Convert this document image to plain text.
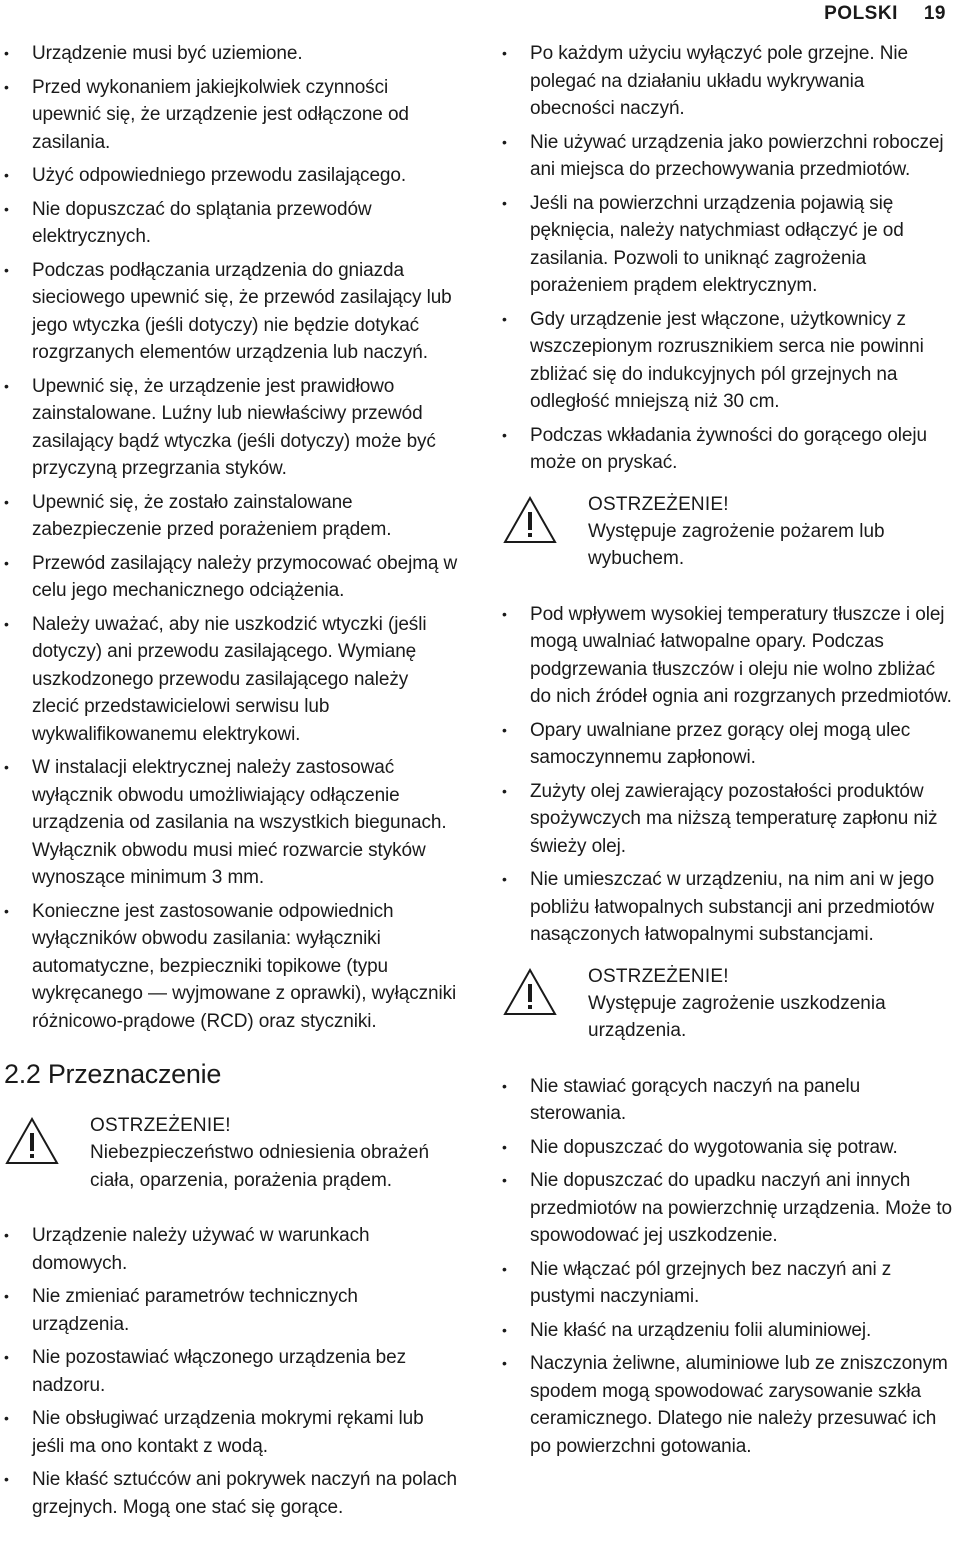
POLSKI 19
• Urządzenie musi być uziemione.
• Przed wykonaniem jakiejkolwiek czynności upewnić się, że urządzenie jest odłączone od zasilania.
• Użyć odpowiedniego przewodu zasilającego.
• Nie dopuszczać do splątania przewodów elektrycznych.
• Podczas podłączania urządzenia do gniazda sieciowego upewnić się, że przewód zasilający lub jego wtyczka (jeśli dotyczy) nie będzie dotykać rozgrzanych elementów urządzenia lub naczyń.
• Upewnić się, że urządzenie jest prawidłowo zainstalowane. Luźny lub niewłaściwy przewód zasilający bądź wtyczka (jeśli dotyczy) może być przyczyną przegrzania styków.
• Upewnić się, że zostało zainstalowane zabezpieczenie przed porażeniem prądem.
• Przewód zasilający należy przymocować obejmą w celu jego mechanicznego odciążenia.
• Należy uważać, aby nie uszkodzić wtyczki (jeśli dotyczy) ani przewodu zasilającego. Wymianę uszkodzonego przewodu zasilającego należy zlecić przedstawicielowi serwisu lub wykwalifikowanemu elektrykowi.
• W instalacji elektrycznej należy zastosować wyłącznik obwodu umożliwiający odłączenie urządzenia od zasilania na wszystkich biegunach. Wyłącznik obwodu musi mieć rozwarcie styków wynoszące minimum 3 mm.
• Konieczne jest zastosowanie odpowiednich wyłączników obwodu zasilania: wyłączniki automatyczne, bezpieczniki topikowe (typu wykręcanego — wyjmowane z oprawki), wyłączniki różnicowo-prądowe (RCD) oraz styczniki.
2.2 Przeznaczenie
OSTRZEŻENIE!
Niebezpieczeństwo odniesienia obrażeń ciała, oparzenia, porażenia prądem.
• Urządzenie należy używać w warunkach domowych.
• Nie zmieniać parametrów technicznych urządzenia.
• Nie pozostawiać włączonego urządzenia bez nadzoru.
• Nie obsługiwać urządzenia mokrymi rękami lub jeśli ma ono kontakt z wodą.
• Nie kłaść sztućców ani pokrywek naczyń na polach grzejnych. Mogą one stać się gorące.
• Po każdym użyciu wyłączyć pole grzejne. Nie polegać na działaniu układu wykrywania obecności naczyń.
• Nie używać urządzenia jako powierzchni roboczej ani miejsca do przechowywania przedmiotów.
• Jeśli na powierzchni urządzenia pojawią się pęknięcia, należy natychmiast odłączyć je od zasilania. Pozwoli to uniknąć zagrożenia porażeniem prądem elektrycznym.
• Gdy urządzenie jest włączone, użytkownicy z wszczepionym rozrusznikiem serca nie powinni zbliżać się do indukcyjnych pól grzejnych na odległość mniejszą niż 30 cm.
• Podczas wkładania żywności do gorącego oleju może on pryskać.
OSTRZEŻENIE!
Występuje zagrożenie pożarem lub wybuchem.
• Pod wpływem wysokiej temperatury tłuszcze i olej mogą uwalniać łatwopalne opary. Podczas podgrzewania tłuszczów i oleju nie wolno zbliżać do nich źródeł ognia ani rozgrzanych przedmiotów.
• Opary uwalniane przez gorący olej mogą ulec samoczynnemu zapłonowi.
• Zużyty olej zawierający pozostałości produktów spożywczych ma niższą temperaturę zapłonu niż świeży olej.
• Nie umieszczać w urządzeniu, na nim ani w jego pobliżu łatwopalnych substancji ani przedmiotów nasączonych łatwopalnymi substancjami.
OSTRZEŻENIE!
Występuje zagrożenie uszkodzenia urządzenia.
• Nie stawiać gorących naczyń na panelu sterowania.
• Nie dopuszczać do wygotowania się potraw.
• Nie dopuszczać do upadku naczyń ani innych przedmiotów na powierzchnię urządzenia. Może to spowodować jej uszkodzenie.
• Nie włączać pól grzejnych bez naczyń ani z pustymi naczyniami.
• Nie kłaść na urządzeniu folii aluminiowej.
• Naczynia żeliwne, aluminiowe lub ze zniszczonym spodem mogą spowodować zarysowanie szkła ceramicznego. Dlatego nie należy przesuwać ich po powierzchni gotowania.
